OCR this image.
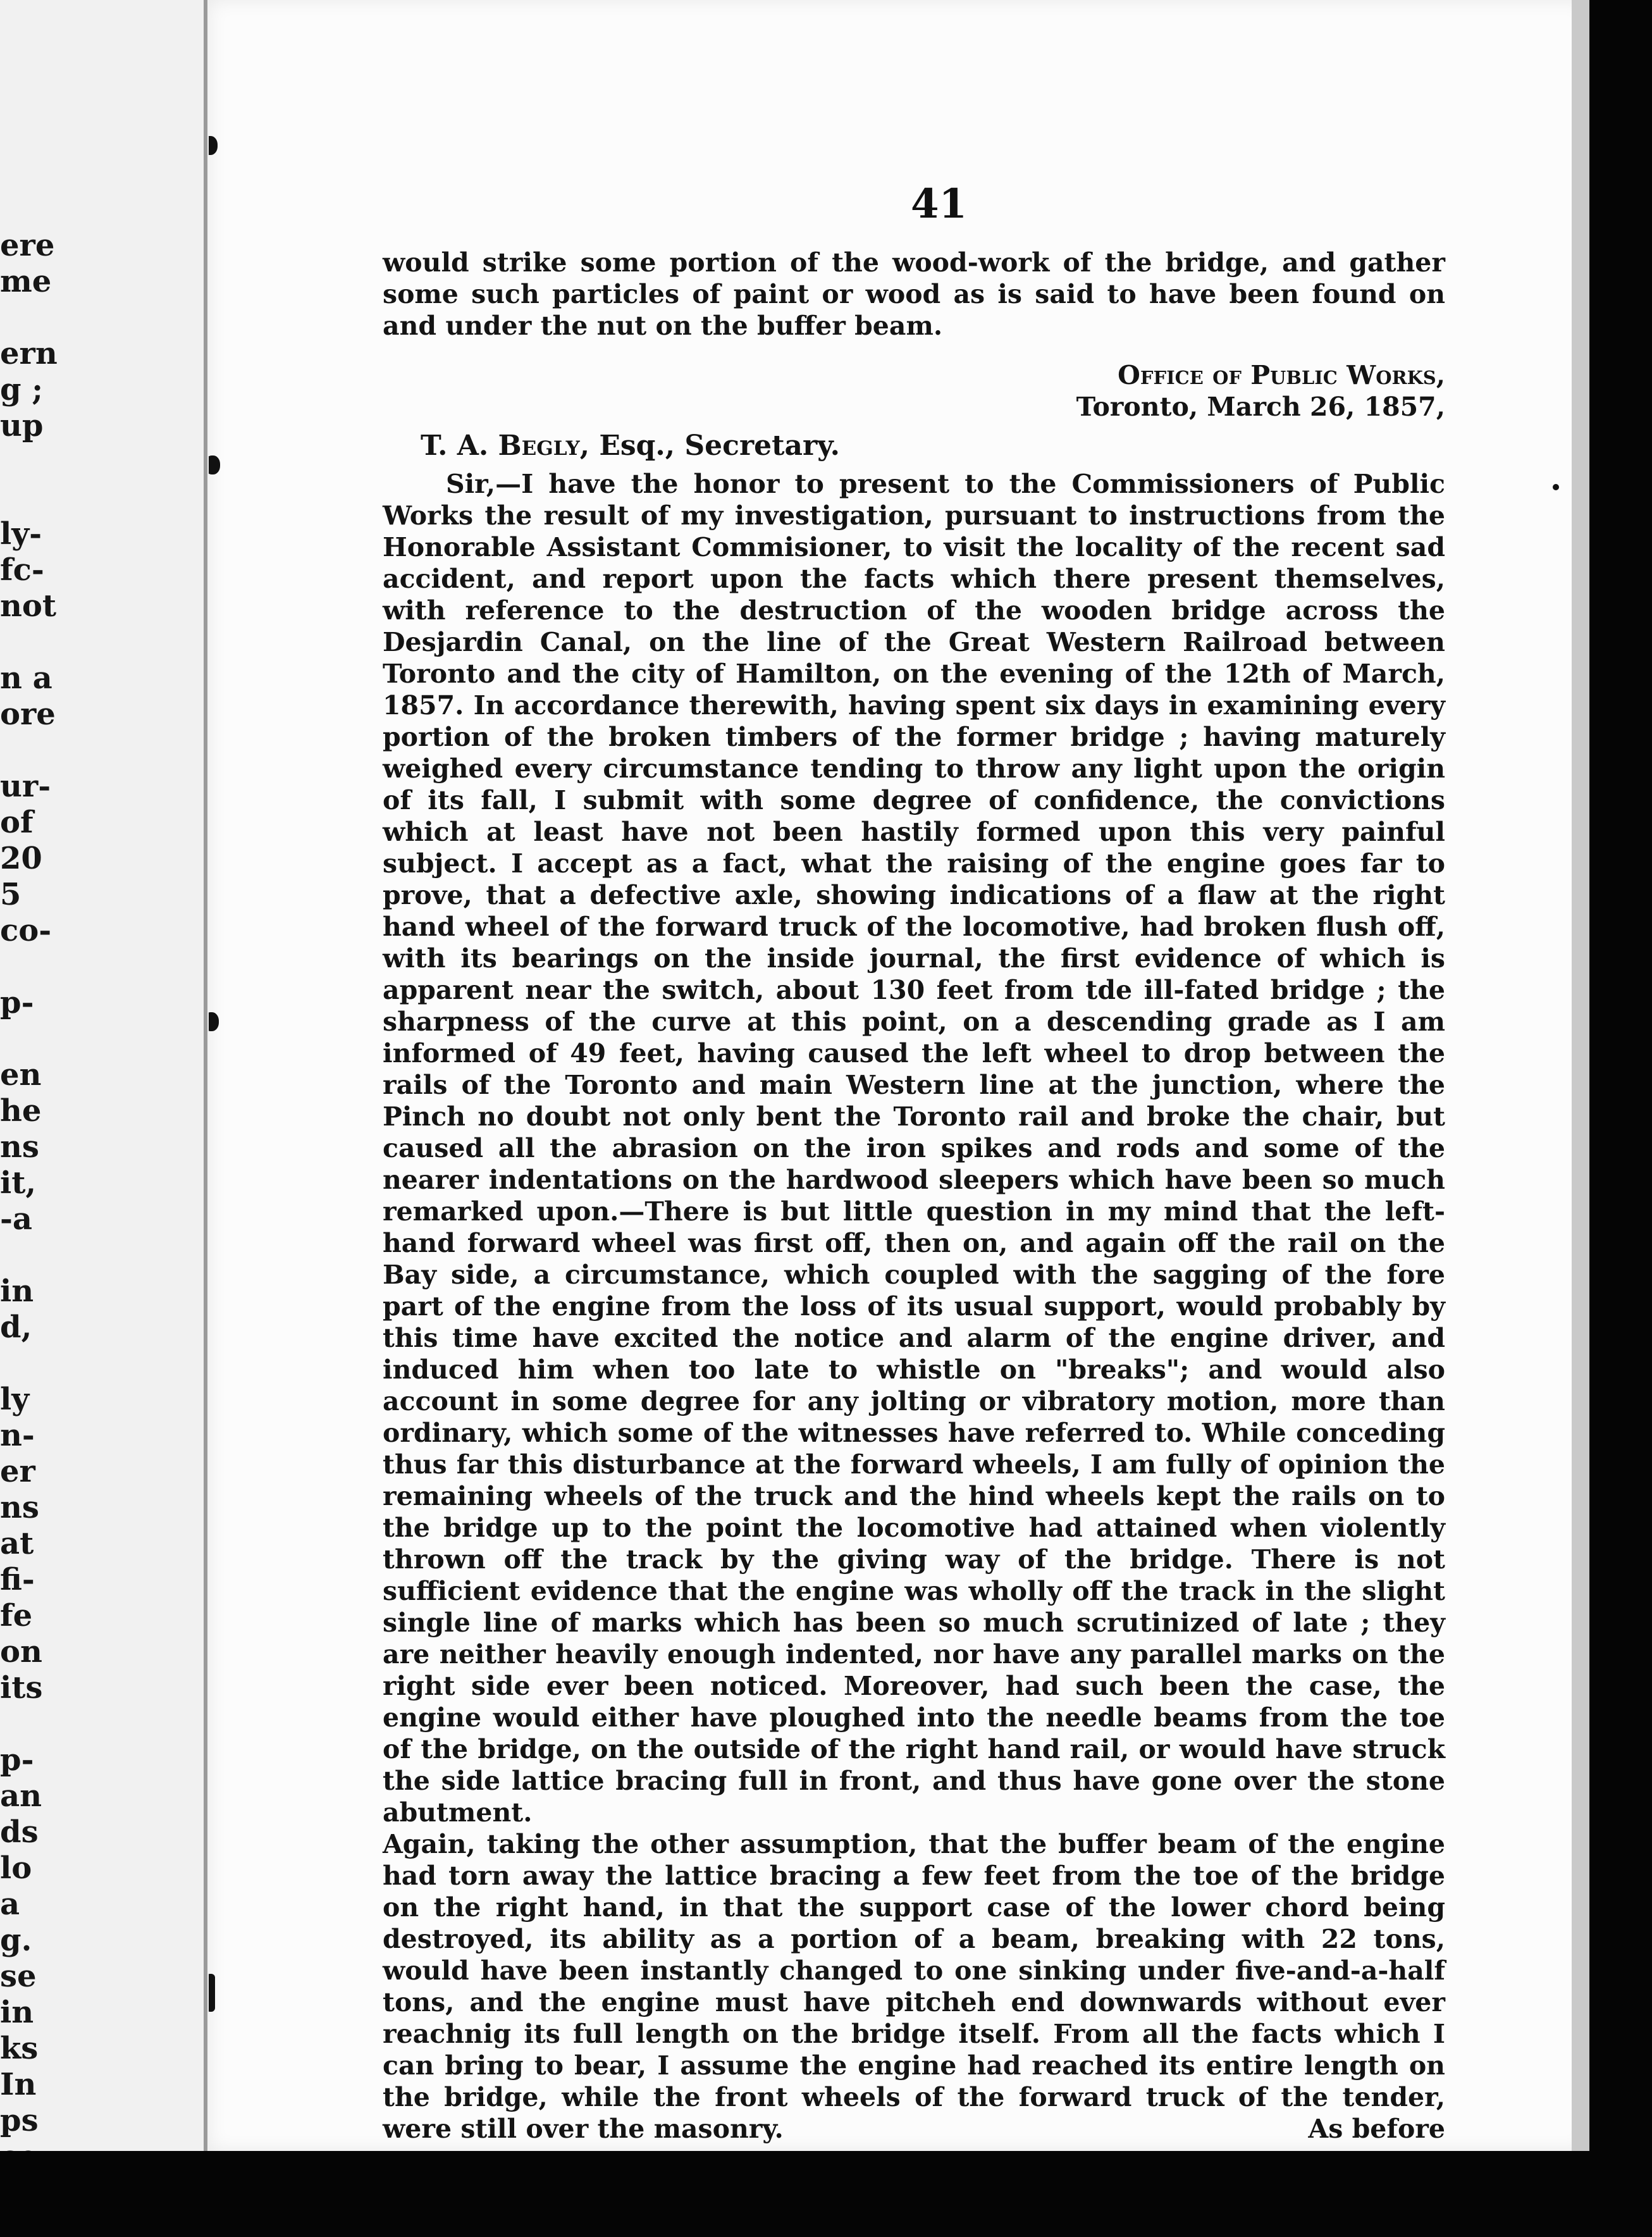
ere
me

ern
g ;
up

ly-
fc-
not

n a
ore

ur-
of
20
5
co-

p-

en
he
ns
it,
-a

in
d,

ly
n-
er
ns
at
fi-
fe
on
its

p-
an
ds
lo
a
g.
se
in
ks
In
ps
41

would strike some portion of the wood-work of the bridge, and gather some such particles of paint or wood as is said to have been found on and under the nut on the buffer beam.

Office of Public Works,
Toronto, March 26, 1857,
T. A. Begly, Esq., Secretary.

Sir,—I have the honor to present to the Commissioners of Public Works the result of my investigation, pursuant to instructions from the Honorable Assistant Commisioner, to visit the locality of the recent sad accident, and report upon the facts which there present themselves, with reference to the destruction of the wooden bridge across the Desjardin Canal, on the line of the Great Western Railroad between Toronto and the city of Hamilton, on the evening of the 12th of March, 1857. In accordance therewith, having spent six days in examining every portion of the broken timbers of the former bridge ; having maturely weighed every circumstance tending to throw any light upon the origin of its fall, I submit with some degree of confidence, the convictions which at least have not been hastily formed upon this very painful subject. I accept as a fact, what the raising of the engine goes far to prove, that a defective axle, showing indications of a flaw at the right hand wheel of the forward truck of the locomotive, had broken flush off, with its bearings on the inside journal, the first evidence of which is apparent near the switch, about 130 feet from tde ill-fated bridge ; the sharpness of the curve at this point, on a descending grade as I am informed of 49 feet, having caused the left wheel to drop between the rails of the Toronto and main Western line at the junction, where the Pinch no doubt not only bent the Toronto rail and broke the chair, but caused all the abrasion on the iron spikes and rods and some of the nearer indentations on the hardwood sleepers which have been so much remarked upon.—There is but little question in my mind that the left-hand forward wheel was first off, then on, and again off the rail on the Bay side, a circumstance, which coupled with the sagging of the fore part of the engine from the loss of its usual support, would probably by this time have excited the notice and alarm of the engine driver, and induced him when too late to whistle on "breaks"; and would also account in some degree for any jolting or vibratory motion, more than ordinary, which some of the witnesses have referred to. While conceding thus far this disturbance at the forward wheels, I am fully of opinion the remaining wheels of the truck and the hind wheels kept the rails on to the bridge up to the point the locomotive had attained when violently thrown off the track by the giving way of the bridge. There is not sufficient evidence that the engine was wholly off the track in the slight single line of marks which has been so much scrutinized of late ; they are neither heavily enough indented, nor have any parallel marks on the right side ever been noticed. Moreover, had such been the case, the engine would either have ploughed into the needle beams from the toe of the bridge, on the outside of the right hand rail, or would have struck the side lattice bracing full in front, and thus have gone over the stone abutment.

Again, taking the other assumption, that the buffer beam of the engine had torn away the lattice bracing a few feet from the toe of the bridge on the right hand, in that the support case of the lower chord being destroyed, its ability as a portion of a beam, breaking with 22 tons, would have been instantly changed to one sinking under five-and-a-half tons, and the engine must have pitcheh end downwards without ever reachnig its full length on the bridge itself. From all the facts which I can bring to bear, I assume the engine had reached its entire length on the bridge, while the front wheels of the forward truck of the tender, were still over the masonry.	As before
